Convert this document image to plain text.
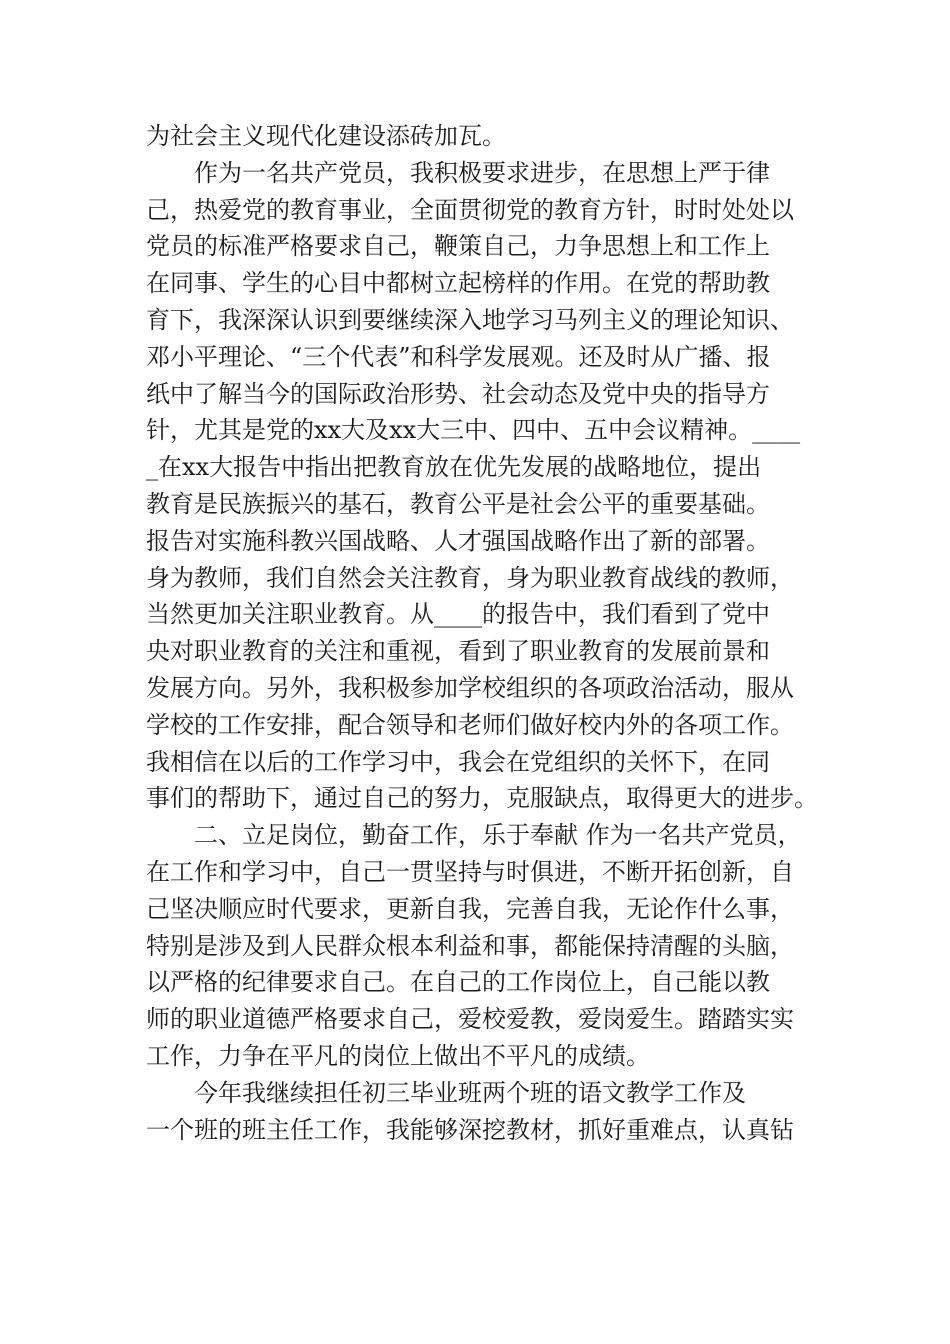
为社会主义现代化建设添砖加瓦。
作为一名共产党员，我积极要求进步，在思想上严于律
己，热爱党的教育事业，全面贯彻党的教育方针，时时处处以
党员的标准严格要求自己，鞭策自己，力争思想上和工作上
在同事、学生的心目中都树立起榜样的作用。在党的帮助教
育下，我深深认识到要继续深入地学习马列主义的理论知识、
邓小平理论、“三个代表”和科学发展观。还及时从广播、报
纸中了解当今的国际政治形势、社会动态及党中央的指导方
针，尤其是党的xx大及xx大三中、四中、五中会议精神。____
_在xx大报告中指出把教育放在优先发展的战略地位，提出
教育是民族振兴的基石，教育公平是社会公平的重要基础。
报告对实施科教兴国战略、人才强国战略作出了新的部署。
身为教师，我们自然会关注教育，身为职业教育战线的教师，
当然更加关注职业教育。从____的报告中，我们看到了党中
央对职业教育的关注和重视，看到了职业教育的发展前景和
发展方向。另外，我积极参加学校组织的各项政治活动，服从
学校的工作安排，配合领导和老师们做好校内外的各项工作。
我相信在以后的工作学习中，我会在党组织的关怀下，在同
事们的帮助下，通过自己的努力，克服缺点，取得更大的进步。
二、立足岗位，勤奋工作，乐于奉献 作为一名共产党员，
在工作和学习中，自己一贯坚持与时俱进，不断开拓创新，自
己坚决顺应时代要求，更新自我，完善自我，无论作什么事，
特别是涉及到人民群众根本利益和事，都能保持清醒的头脑，
以严格的纪律要求自己。在自己的工作岗位上，自己能以教
师的职业道德严格要求自己，爱校爱教，爱岗爱生。踏踏实实
工作，力争在平凡的岗位上做出不平凡的成绩。
今年我继续担任初三毕业班两个班的语文教学工作及
一个班的班主任工作，我能够深挖教材，抓好重难点，认真钻
